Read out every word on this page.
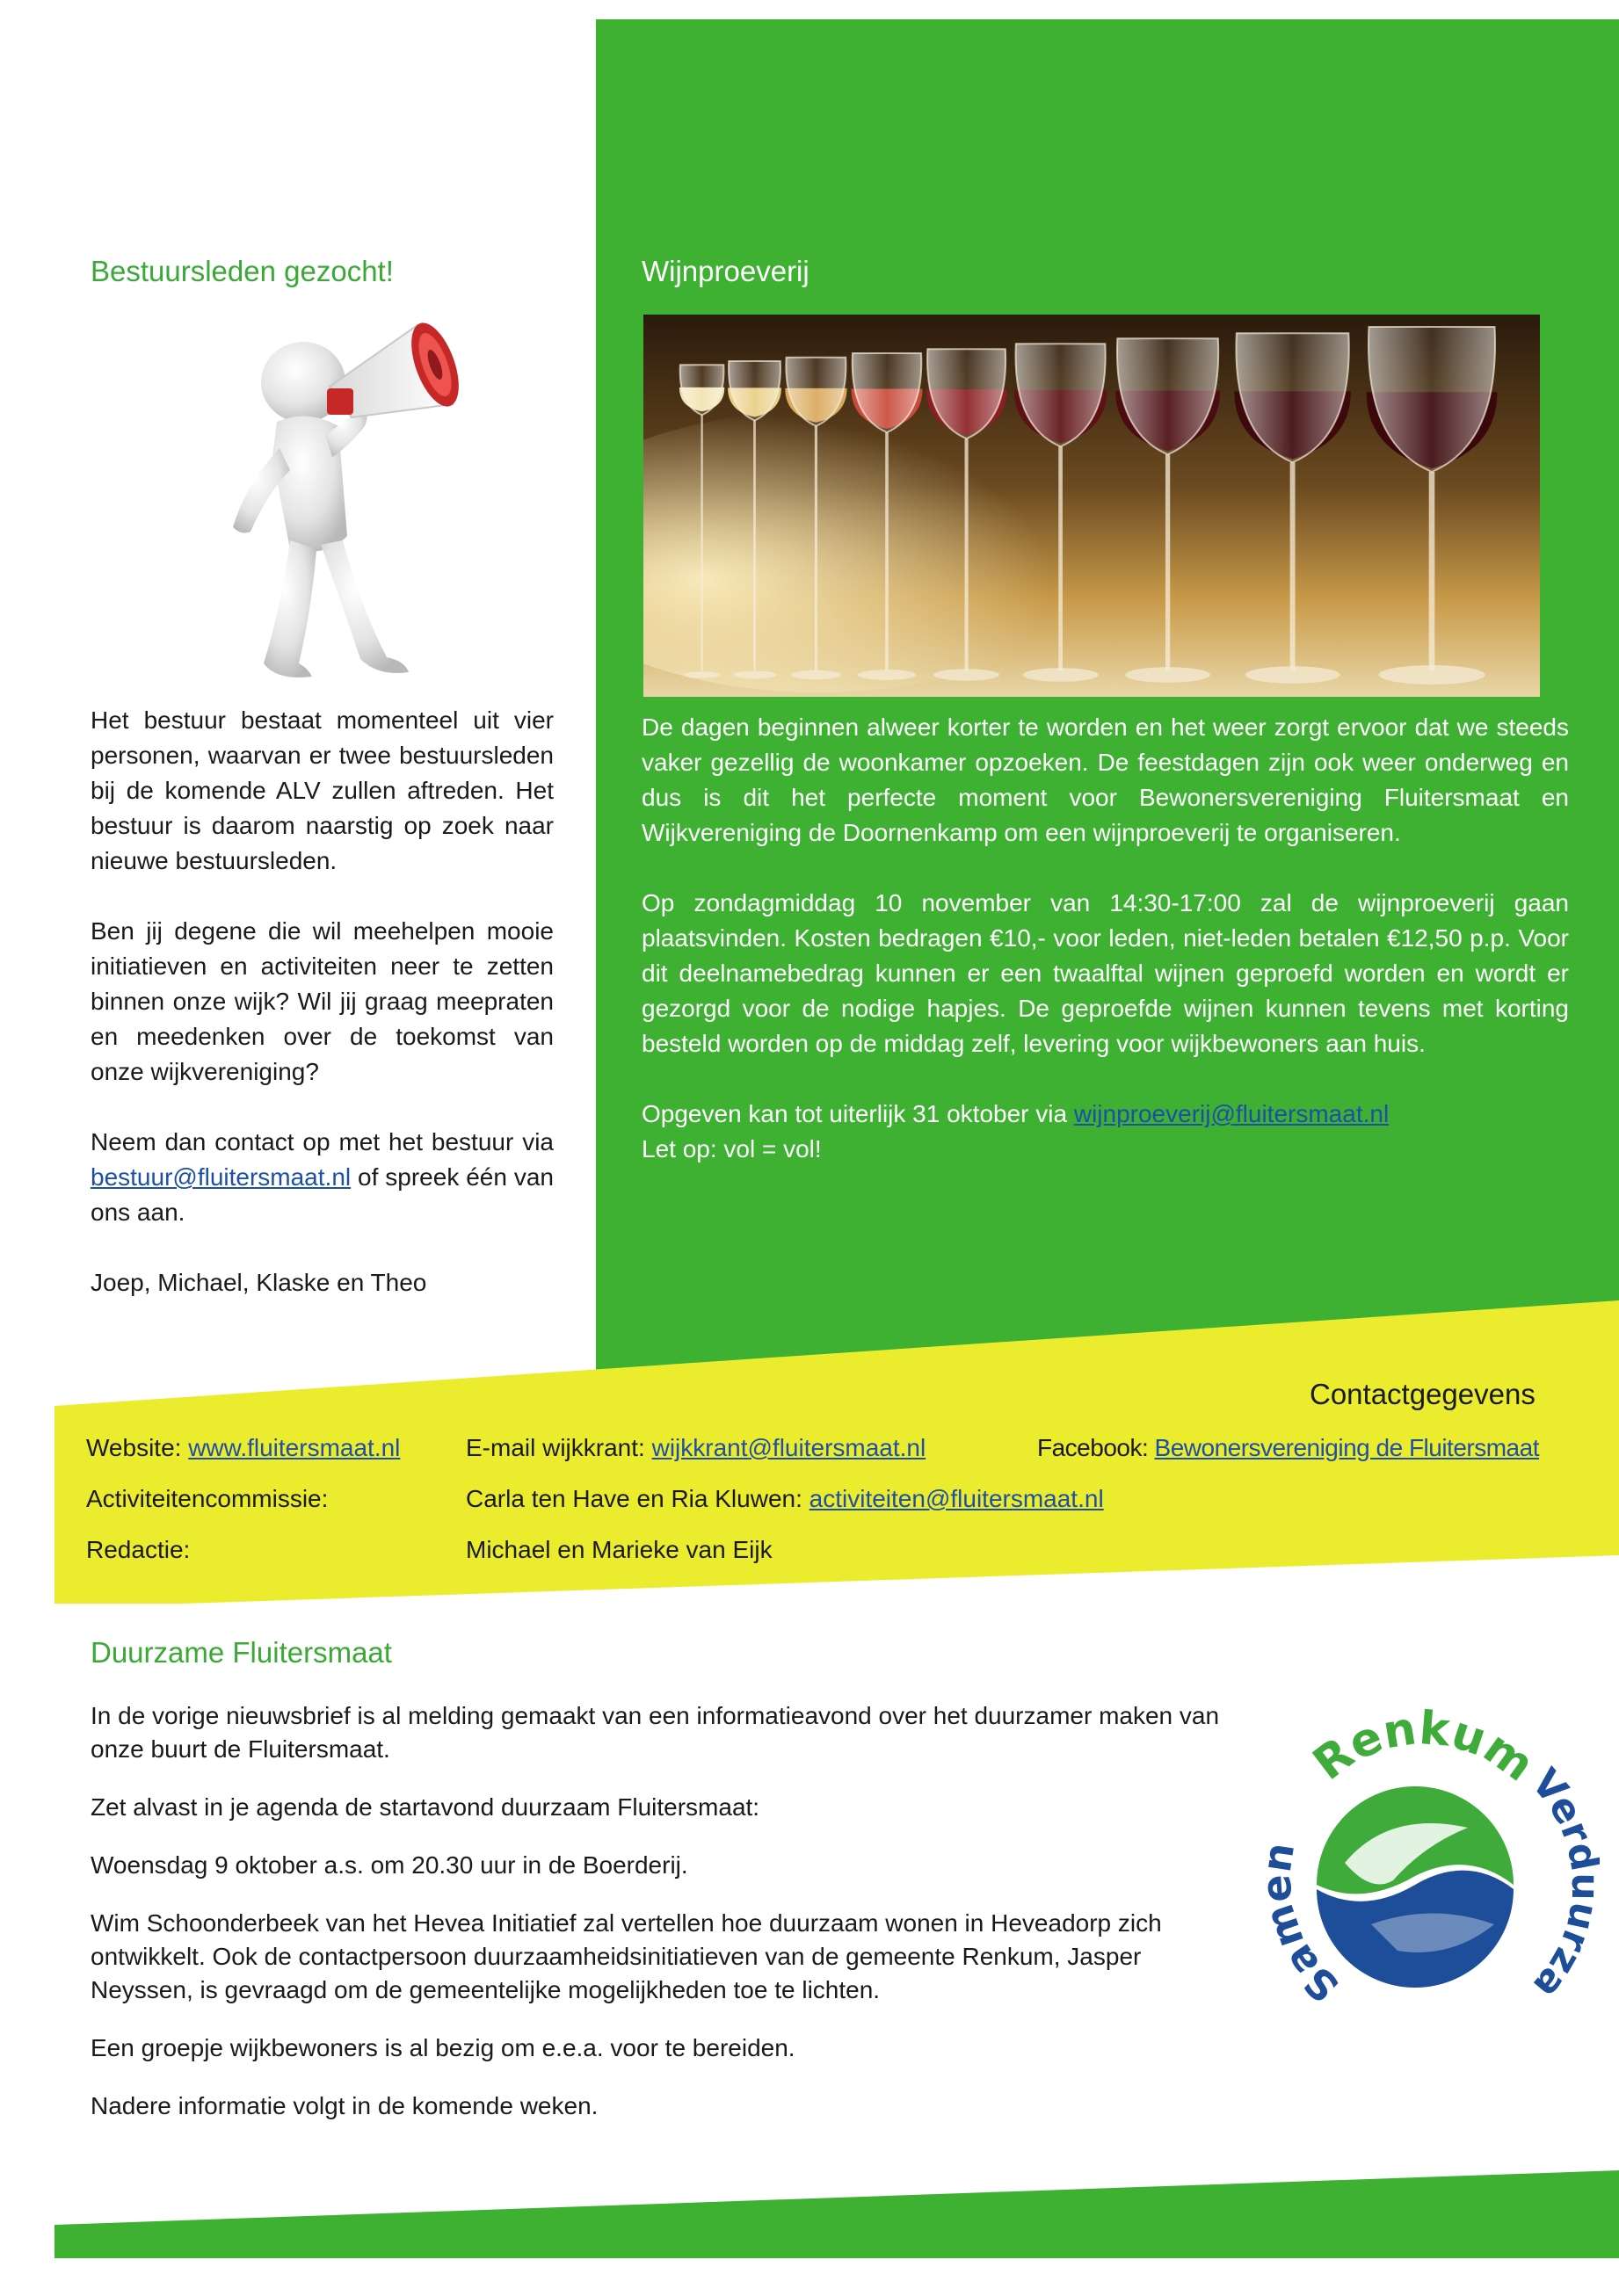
Bestuursleden gezocht!

Het bestuur bestaat momenteel uit vier personen, waarvan er twee bestuursleden bij de komende ALV zullen aftreden. Het bestuur is daarom naarstig op zoek naar nieuwe bestuursleden.

Ben jij degene die wil meehelpen mooie initiatieven en activiteiten neer te zetten binnen onze wijk? Wil jij graag meepraten en meedenken over de toekomst van onze wijkvereniging?

Neem dan contact op met het bestuur via bestuur@fluitersmaat.nl of spreek één van ons aan.

Joep, Michael, Klaske en Theo

Wijnproeverij

De dagen beginnen alweer korter te worden en het weer zorgt ervoor dat we steeds vaker gezellig de woonkamer opzoeken. De feestdagen zijn ook weer onderweg en dus is dit het perfecte moment voor Bewonersvereniging Fluitersmaat en Wijkvereniging de Doornenkamp om een wijnproeverij te organiseren.

Op zondagmiddag 10 november van 14:30-17:00 zal de wijnproeverij gaan plaatsvinden. Kosten bedragen €10,- voor leden, niet-leden betalen €12,50 p.p. Voor dit deelnamebedrag kunnen er een twaalftal wijnen geproefd worden en wordt er gezorgd voor de nodige hapjes. De geproefde wijnen kunnen tevens met korting besteld worden op de middag zelf, levering voor wijkbewoners aan huis.

Opgeven kan tot uiterlijk 31 oktober via wijnproeverij@fluitersmaat.nl
Let op: vol = vol!

Contactgegevens
Website: www.fluitersmaat.nl	E-mail wijkkrant: wijkkrant@fluitersmaat.nl	Facebook: Bewonersvereniging de Fluitersmaat
Activiteitencommissie:	Carla ten Have en Ria Kluwen: activiteiten@fluitersmaat.nl
Redactie:	Michael en Marieke van Eijk
Duurzame Fluitersmaat

In de vorige nieuwsbrief is al melding gemaakt van een informatieavond over het duurzamer maken van onze buurt de Fluitersmaat.

Zet alvast in je agenda de startavond duurzaam Fluitersmaat:

Woensdag 9 oktober a.s. om 20.30 uur in de Boerderij.

Wim Schoonderbeek van het Hevea Initiatief zal vertellen hoe duurzaam wonen in Heveadorp zich ontwikkelt. Ook de contactpersoon duurzaamheidsinitiatieven van de gemeente Renkum, Jasper Neyssen, is gevraagd om de gemeentelijke mogelijkheden toe te lichten.

Een groepje wijkbewoners is al bezig om e.e.a. voor te bereiden.

Nadere informatie volgt in de komende weken.

Renkum
Samen
Ver rza
